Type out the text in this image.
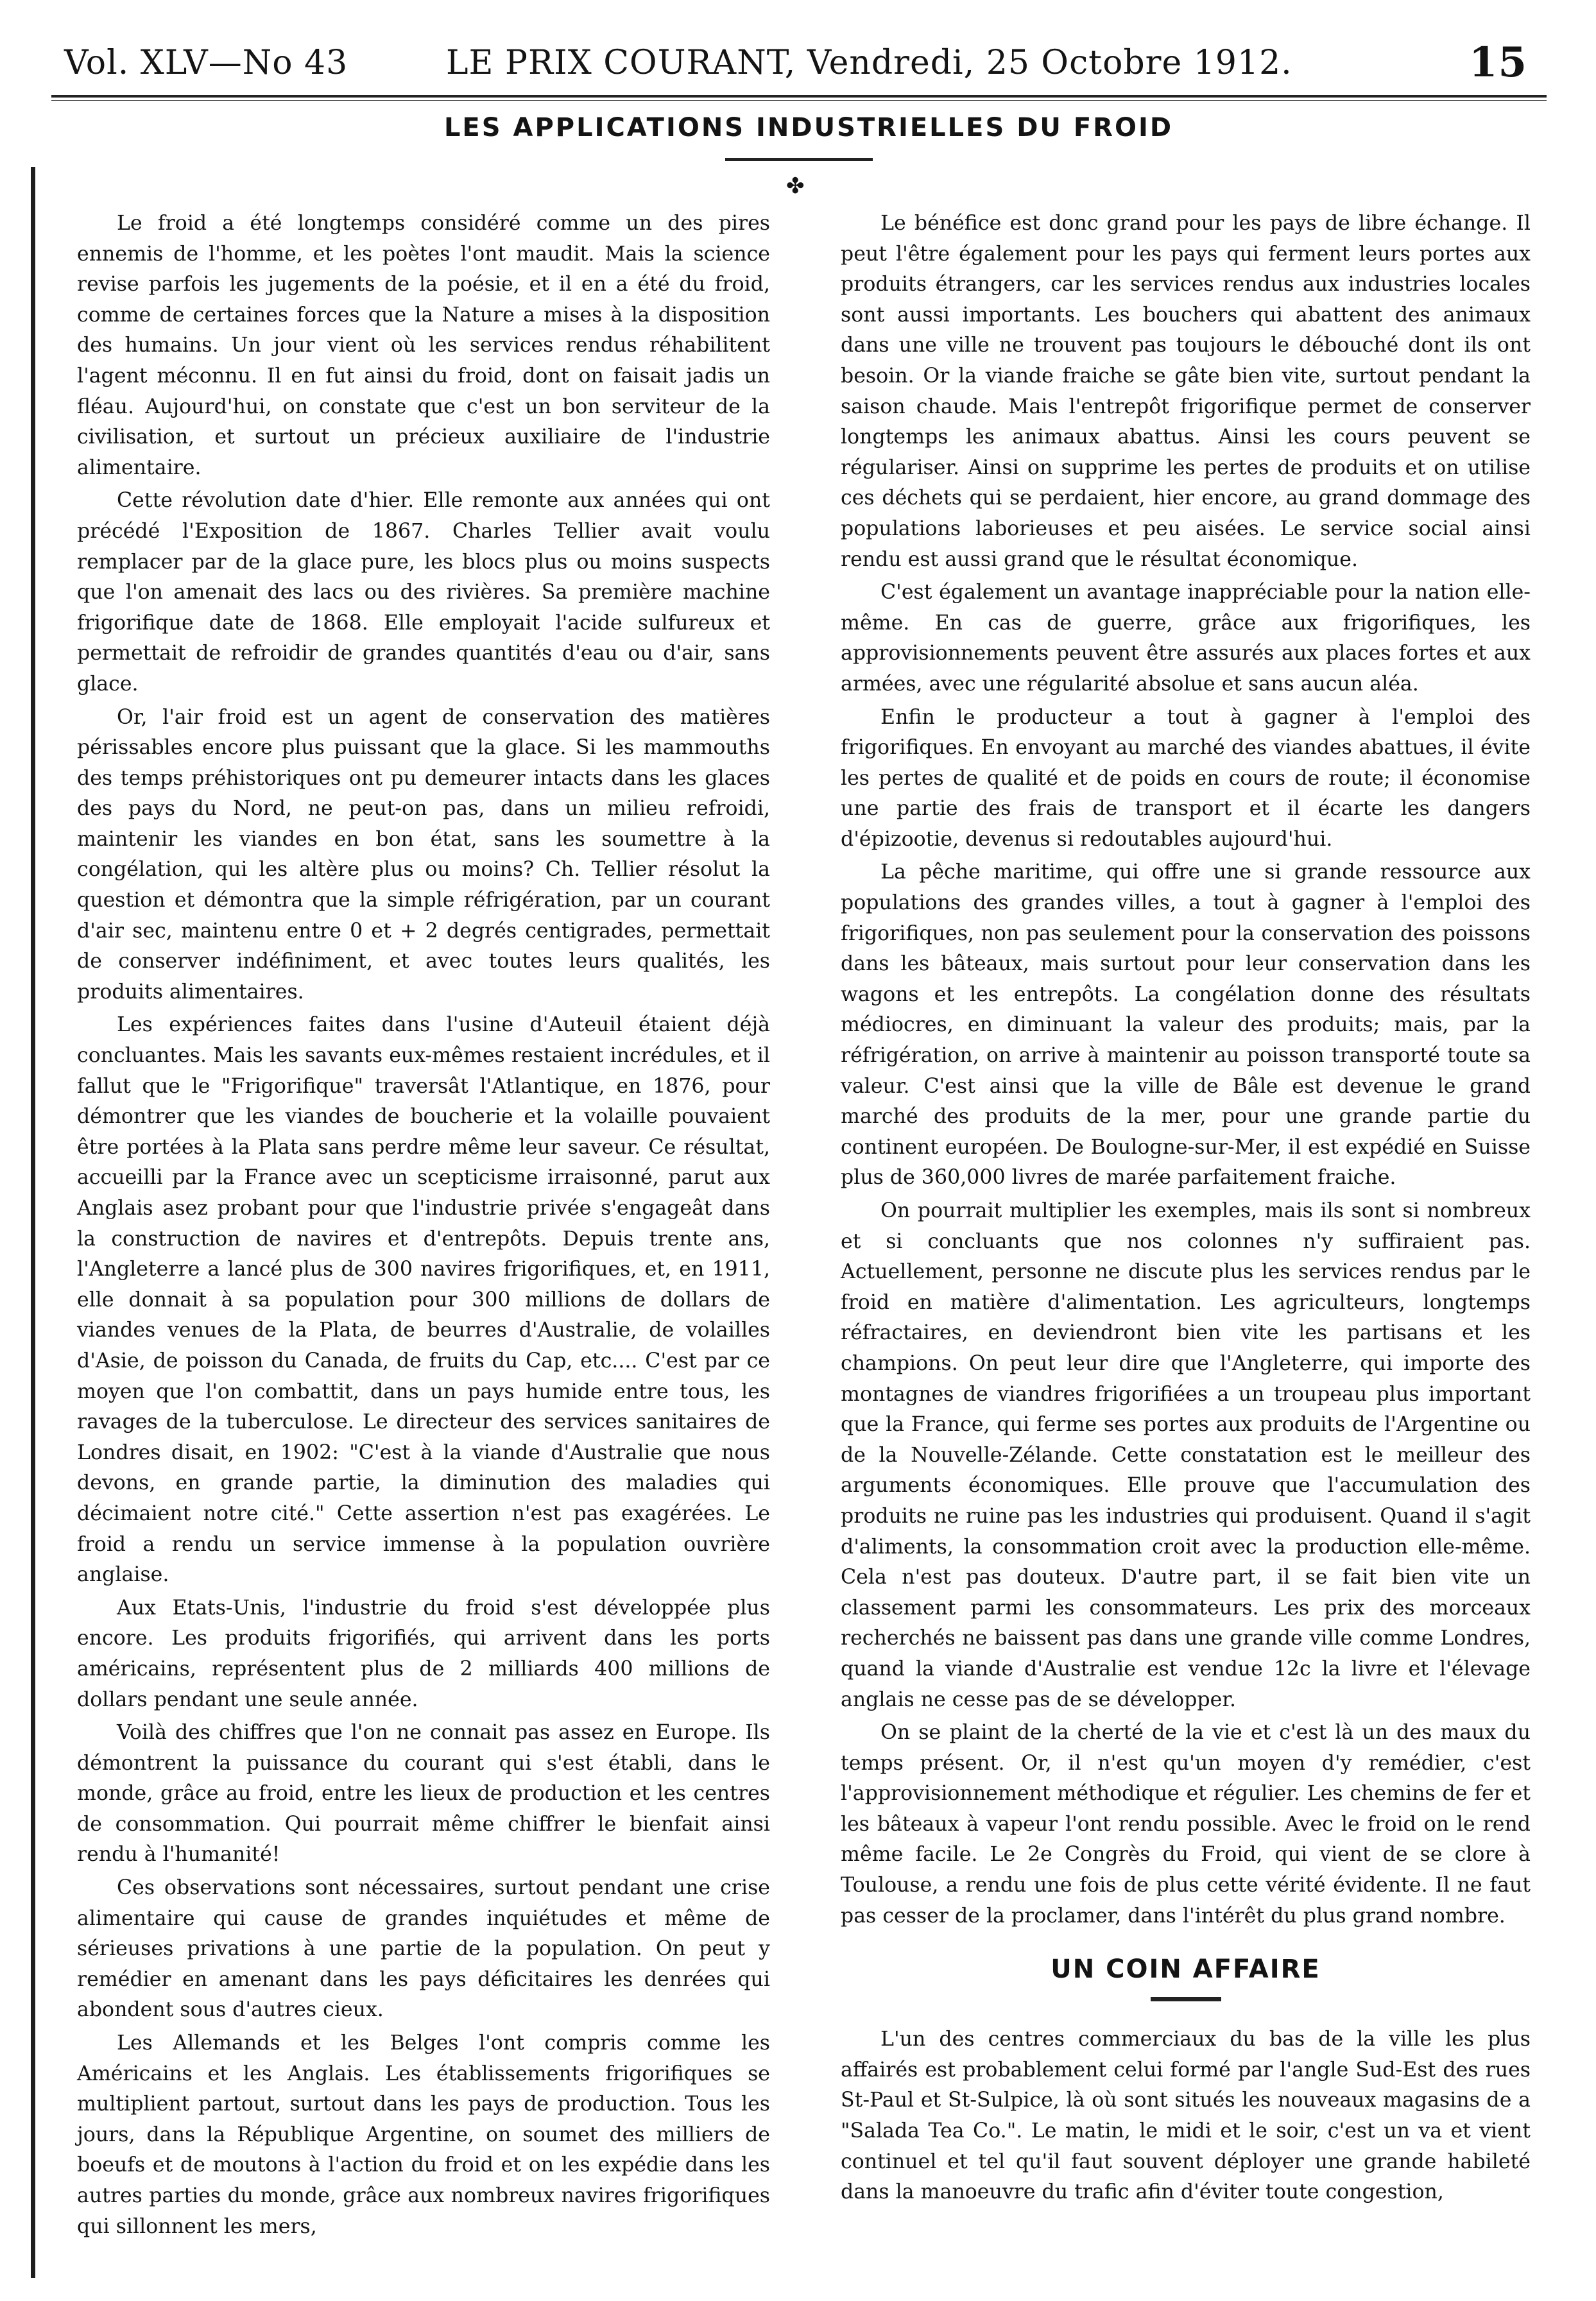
Vol. XLV—No 43	LE PRIX COURANT, Vendredi, 25 Octobre 1912.	15
LES APPLICATIONS INDUSTRIELLES DU FROID
✤

Le froid a été longtemps considéré comme un des pires ennemis de l'homme, et les poètes l'ont maudit. Mais la science revise parfois les jugements de la poésie, et il en a été du froid, comme de certaines forces que la Nature a mises à la disposition des humains. Un jour vient où les services rendus réhabilitent l'agent méconnu. Il en fut ainsi du froid, dont on faisait jadis un fléau. Aujourd'hui, on constate que c'est un bon serviteur de la civilisation, et surtout un précieux auxiliaire de l'industrie alimentaire.

Cette révolution date d'hier. Elle remonte aux années qui ont précédé l'Exposition de 1867. Charles Tellier avait voulu remplacer par de la glace pure, les blocs plus ou moins suspects que l'on amenait des lacs ou des rivières. Sa première machine frigorifique date de 1868. Elle employait l'acide sulfureux et permettait de refroidir de grandes quantités d'eau ou d'air, sans glace.

Or, l'air froid est un agent de conservation des matières périssables encore plus puissant que la glace. Si les mammouths des temps préhistoriques ont pu demeurer intacts dans les glaces des pays du Nord, ne peut-on pas, dans un milieu refroidi, maintenir les viandes en bon état, sans les soumettre à la congélation, qui les altère plus ou moins? Ch. Tellier résolut la question et démontra que la simple réfrigération, par un courant d'air sec, maintenu entre 0 et + 2 degrés centigrades, permettait de conserver indéfiniment, et avec toutes leurs qualités, les produits alimentaires.

Les expériences faites dans l'usine d'Auteuil étaient déjà concluantes. Mais les savants eux-mêmes restaient incrédules, et il fallut que le "Frigorifique" traversât l'Atlantique, en 1876, pour démontrer que les viandes de boucherie et la volaille pouvaient être portées à la Plata sans perdre même leur saveur. Ce résultat, accueilli par la France avec un scepticisme irraisonné, parut aux Anglais asez probant pour que l'industrie privée s'engageât dans la construction de navires et d'entrepôts. Depuis trente ans, l'Angleterre a lancé plus de 300 navires frigorifiques, et, en 1911, elle donnait à sa population pour 300 millions de dollars de viandes venues de la Plata, de beurres d'Australie, de volailles d'Asie, de poisson du Canada, de fruits du Cap, etc.... C'est par ce moyen que l'on combattit, dans un pays humide entre tous, les ravages de la tuberculose. Le directeur des services sanitaires de Londres disait, en 1902: "C'est à la viande d'Australie que nous devons, en grande partie, la diminution des maladies qui décimaient notre cité." Cette assertion n'est pas exagérées. Le froid a rendu un service immense à la population ouvrière anglaise.

Aux Etats-Unis, l'industrie du froid s'est développée plus encore. Les produits frigorifiés, qui arrivent dans les ports américains, représentent plus de 2 milliards 400 millions de dollars pendant une seule année.

Voilà des chiffres que l'on ne connait pas assez en Europe. Ils démontrent la puissance du courant qui s'est établi, dans le monde, grâce au froid, entre les lieux de production et les centres de consommation. Qui pourrait même chiffrer le bienfait ainsi rendu à l'humanité!

Ces observations sont nécessaires, surtout pendant une crise alimentaire qui cause de grandes inquiétudes et même de sérieuses privations à une partie de la population. On peut y remédier en amenant dans les pays déficitaires les denrées qui abondent sous d'autres cieux.

Les Allemands et les Belges l'ont compris comme les Américains et les Anglais. Les établissements frigorifiques se multiplient partout, surtout dans les pays de production. Tous les jours, dans la République Argentine, on soumet des milliers de boeufs et de moutons à l'action du froid et on les expédie dans les autres parties du monde, grâce aux nombreux navires frigorifiques qui sillonnent les mers,

Le bénéfice est donc grand pour les pays de libre échange. Il peut l'être également pour les pays qui ferment leurs portes aux produits étrangers, car les services rendus aux industries locales sont aussi importants. Les bouchers qui abattent des animaux dans une ville ne trouvent pas toujours le débouché dont ils ont besoin. Or la viande fraiche se gâte bien vite, surtout pendant la saison chaude. Mais l'entrepôt frigorifique permet de conserver longtemps les animaux abattus. Ainsi les cours peuvent se régulariser. Ainsi on supprime les pertes de produits et on utilise ces déchets qui se perdaient, hier encore, au grand dommage des populations laborieuses et peu aisées. Le service social ainsi rendu est aussi grand que le résultat économique.

C'est également un avantage inappréciable pour la nation elle-même. En cas de guerre, grâce aux frigorifiques, les approvisionnements peuvent être assurés aux places fortes et aux armées, avec une régularité absolue et sans aucun aléa.

Enfin le producteur a tout à gagner à l'emploi des frigorifiques. En envoyant au marché des viandes abattues, il évite les pertes de qualité et de poids en cours de route; il économise une partie des frais de transport et il écarte les dangers d'épizootie, devenus si redoutables aujourd'hui.

La pêche maritime, qui offre une si grande ressource aux populations des grandes villes, a tout à gagner à l'emploi des frigorifiques, non pas seulement pour la conservation des poissons dans les bâteaux, mais surtout pour leur conservation dans les wagons et les entrepôts. La congélation donne des résultats médiocres, en diminuant la valeur des produits; mais, par la réfrigération, on arrive à maintenir au poisson transporté toute sa valeur. C'est ainsi que la ville de Bâle est devenue le grand marché des produits de la mer, pour une grande partie du continent européen. De Boulogne-sur-Mer, il est expédié en Suisse plus de 360,000 livres de marée parfaitement fraiche.

On pourrait multiplier les exemples, mais ils sont si nombreux et si concluants que nos colonnes n'y suffiraient pas. Actuellement, personne ne discute plus les services rendus par le froid en matière d'alimentation. Les agriculteurs, longtemps réfractaires, en deviendront bien vite les partisans et les champions. On peut leur dire que l'Angleterre, qui importe des montagnes de viandres frigorifiées a un troupeau plus important que la France, qui ferme ses portes aux produits de l'Argentine ou de la Nouvelle-Zélande. Cette constatation est le meilleur des arguments économiques. Elle prouve que l'accumulation des produits ne ruine pas les industries qui produisent. Quand il s'agit d'aliments, la consommation croit avec la production elle-même. Cela n'est pas douteux. D'autre part, il se fait bien vite un classement parmi les consommateurs. Les prix des morceaux recherchés ne baissent pas dans une grande ville comme Londres, quand la viande d'Australie est vendue 12c la livre et l'élevage anglais ne cesse pas de se développer.

On se plaint de la cherté de la vie et c'est là un des maux du temps présent. Or, il n'est qu'un moyen d'y remédier, c'est l'approvisionnement méthodique et régulier. Les chemins de fer et les bâteaux à vapeur l'ont rendu possible. Avec le froid on le rend même facile. Le 2e Congrès du Froid, qui vient de se clore à Toulouse, a rendu une fois de plus cette vérité évidente. Il ne faut pas cesser de la proclamer, dans l'intérêt du plus grand nombre.

UN COIN AFFAIRE

L'un des centres commerciaux du bas de la ville les plus affairés est probablement celui formé par l'angle Sud-Est des rues St-Paul et St-Sulpice, là où sont situés les nouveaux magasins de a "Salada Tea Co.". Le matin, le midi et le soir, c'est un va et vient continuel et tel qu'il faut souvent déployer une grande habileté dans la manoeuvre du trafic afin d'éviter toute congestion,
